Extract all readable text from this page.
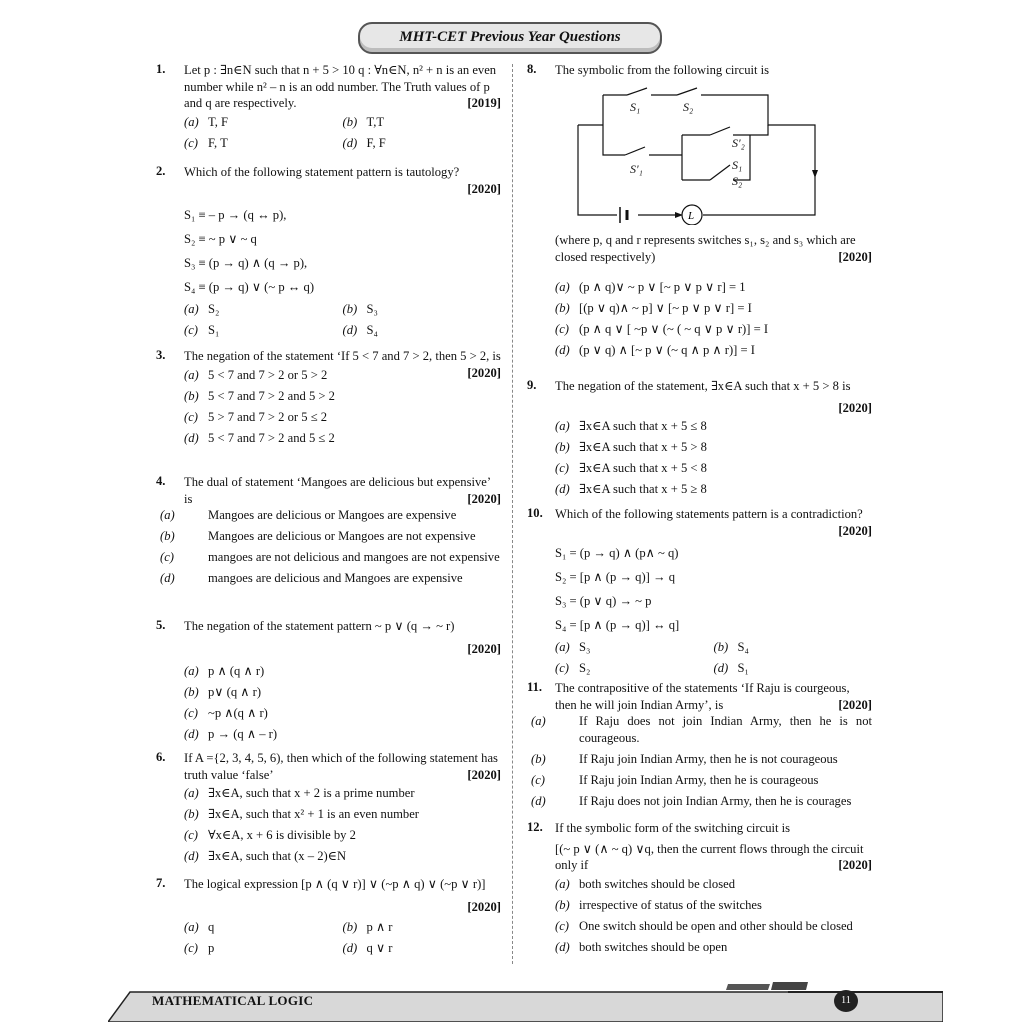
MHT-CET Previous Year Questions
1.	Let p : ∃n∈N such that n + 5 > 10 q : ∀n∈N, n² + n is an even number while n² – n is an odd number. The Truth values of p and q are respectively.	[2019]
(a) T, F	(b) T,T
(c) F, T	(d) F, F
2.	Which of the following statement pattern is tautology?
[2020]
S₁ ≡ – p → (q ↔ p),
S₂ ≡ ~ p ∨ ~ q
S₃ ≡ (p → q) ∧ (q → p),
S₄ ≡ (p → q) ∨ (~ p ↔ q)
(a) S₂	(b) S₃
(c) S₁	(d) S₄
3.	The negation of the statement ‘If 5 < 7 and 7 > 2, then 5 > 2, is
[2020]
(a) 5 < 7 and 7 > 2 or 5 > 2
(b) 5 < 7 and 7 > 2 and 5 > 2
(c) 5 > 7 and 7 > 2 or 5 ≤ 2
(d) 5 < 7 and 7 > 2 and 5 ≤ 2
4.	The dual of statement ‘Mangoes are delicious but expensive’ is	[2020]
(a)	Mangoes are delicious or Mangoes are expensive
(b)	Mangoes are delicious or Mangoes are not expensive
(c)	mangoes are not delicious and mangoes are not expensive
(d)	mangoes are delicious and Mangoes are expensive
5.	The negation of the statement pattern ~ p ∨ (q → ~ r)
[2020]
(a) p ∧ (q ∧ r)
(b) p∨ (q ∧ r)
(c) ~p ∧(q ∧ r)
(d) p → (q ∧ – r)
6.	If A ={2, 3, 4, 5, 6), then which of the following statement has truth value ‘false’	[2020]
(a) ∃x∈A, such that x + 2 is a prime number
(b) ∃x∈A, such that x² + 1 is an even number
(c) ∀x∈A, x + 6 is divisible by 2
(d) ∃x∈A, such that (x – 2)∈N
7.	The logical expression [p ∧ (q ∨ r)] ∨ (~p ∧ q) ∨ (~p ∨ r)]
[2020]
(a) q	(b) p ∧ r
(c) p	(d) q ∨ r
8.	The symbolic from the following circuit is
(where p, q and r represents switches s₁, s₂ and s₃ which are closed respectively)	[2020]
(a) (p ∧ q)∨ ~ p ∨ [~ p ∨ p ∨ r] = 1
(b) [(p ∨ q)∧ ~ p] ∨ [~ p ∨ p ∨ r] = I
(c) (p ∧ q ∨ [ ~p ∨ (~ ( ~ q ∨ p ∨ r)] = I
(d) (p ∨ q) ∧ [~ p ∨ (~ q ∧ p ∧ r)] = I
9.	The negation of the statement, ∃x∈A such that x + 5 > 8 is
[2020]
(a) ∃x∈A such that x + 5 ≤ 8
(b) ∃x∈A such that x + 5 > 8
(c) ∃x∈A such that x + 5 < 8
(d) ∃x∈A such that x + 5 ≥ 8
10. Which of the following statements pattern is a contradiction?
[2020]
S₁ = (p → q) ∧ (p∧ ~ q)
S₂ = [p ∧ (p → q)] → q
S₃ = (p ∨ q) → ~ p
S₄ = [p ∧ (p → q)] ↔ q]
(a) S₃	(b) S₄
(c) S₂	(d) S₁
11.	The contrapositive of the statements ‘If Raju is courgeous, then he will join Indian Army’, is	[2020]
(a)	If Raju does not join Indian Army, then he is not courageous.
(b)	If Raju join Indian Army, then he is not courageous
(c)	If Raju join Indian Army, then he is courageous
(d)	If Raju does not join Indian Army, then he is courages
12. If the symbolic form of the switching circuit is
[(~ p ∨ (∧ ~ q) ∨q, then the current flows through the circuit only if	[2020]
(a) both switches should be closed
(b) irrespective of status of the switches
(c) One switch should be open and other should be closed
(d) both switches should be open
L
S₁	S₂
S'₁
S'₂
S₁
S₂
MATHEMATICAL LOGIC	11
